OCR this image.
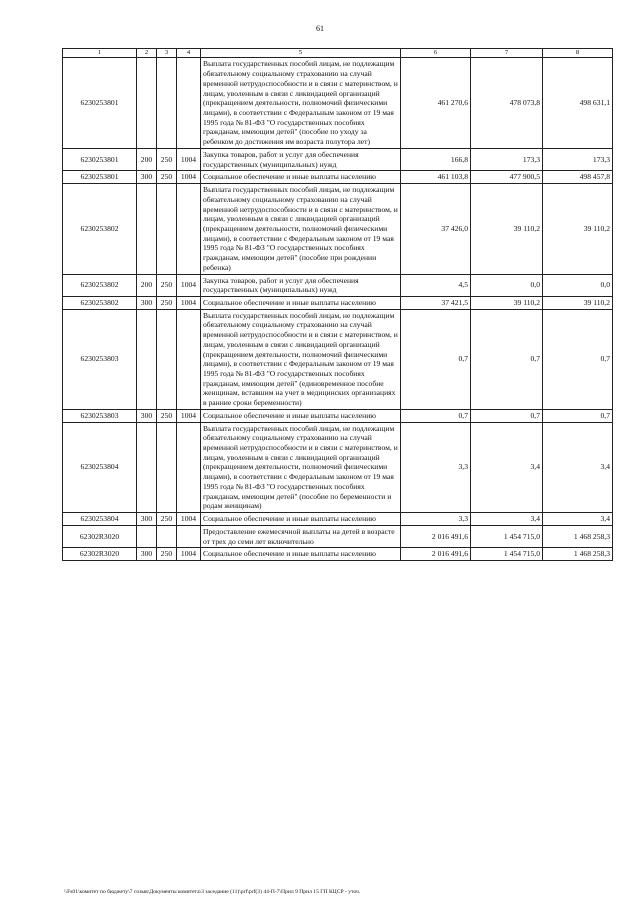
61
1	2	3	4	5	6	7	8
6230253801				Выплата государственных пособий лицам, не подлежащим обязательному социальному страхованию на случай временной нетрудоспособности и в связи с материнством, и лицам, уволенным в связи с ликвидацией организаций (прекращением деятельности, полномочий физическими лицами), в соответствии с Федеральным законом от 19 мая 1995 года № 81-ФЗ "О государственных пособиях гражданам, имеющим детей" (пособие по уходу за ребенком до достижения им возраста полутора лет)	461 270,6	478 073,8	498 631,1
6230253801	200	250	1004	Закупка товаров, работ и услуг для обеспечения государственных (муниципальных) нужд	166,8	173,3	173,3
6230253801	300	250	1004	Социальное обеспечение и иные выплаты населению	461 103,8	477 900,5	498 457,8
6230253802				Выплата государственных пособий лицам, не подлежащим обязательному социальному страхованию на случай временной нетрудоспособности и в связи с материнством, и лицам, уволенным в связи с ликвидацией организаций (прекращением деятельности, полномочий физическими лицами), в соответствии с Федеральным законом от 19 мая 1995 года № 81-ФЗ "О государственных пособиях гражданам, имеющим детей" (пособие при рождении ребенка)	37 426,0	39 110,2	39 110,2
6230253802	200	250	1004	Закупка товаров, работ и услуг для обеспечения государственных (муниципальных) нужд	4,5	0,0	0,0
6230253802	300	250	1004	Социальное обеспечение и иные выплаты населению	37 421,5	39 110,2	39 110,2
6230253803				Выплата государственных пособий лицам, не подлежащим обязательному социальному страхованию на случай временной нетрудоспособности и в связи с материнством, и лицам, уволенным в связи с ликвидацией организаций (прекращением деятельности, полномочий физическими лицами), в соответствии с Федеральным законом от 19 мая 1995 года № 81-ФЗ "О государственных пособиях гражданам, имеющим детей" (единовременное пособие женщинам, вставшим на учет в медицинских организациях в ранние сроки беременности)	0,7	0,7	0,7
6230253803	300	250	1004	Социальное обеспечение и иные выплаты населению	0,7	0,7	0,7
6230253804				Выплата государственных пособий лицам, не подлежащим обязательному социальному страхованию на случай временной нетрудоспособности и в связи с материнством, и лицам, уволенным в связи с ликвидацией организаций (прекращением деятельности, полномочий физическими лицами), в соответствии с Федеральным законом от 19 мая 1995 года № 81-ФЗ "О государственных пособиях гражданам, имеющим детей" (пособие по беременности и родам женщинам)	3,3	3,4	3,4
6230253804	300	250	1004	Социальное обеспечение и иные выплаты населению	3,3	3,4	3,4
62302R3020				Предоставление ежемесячной выплаты на детей в возрасте от трех до семи лет включительно	2 016 491,6	1 454 715,0	1 468 258,3
62302R3020	300	250	1004	Социальное обеспечение и иные выплаты населению	2 016 491,6	1 454 715,0	1 468 258,3
\\Fs01\комитет по бюджету\7 созыв\Документы комитета\3 заседание (11)\prf\prf(3) 44-П-7\Прил 9 Прил 15 ГП КЦСР - уточ.
